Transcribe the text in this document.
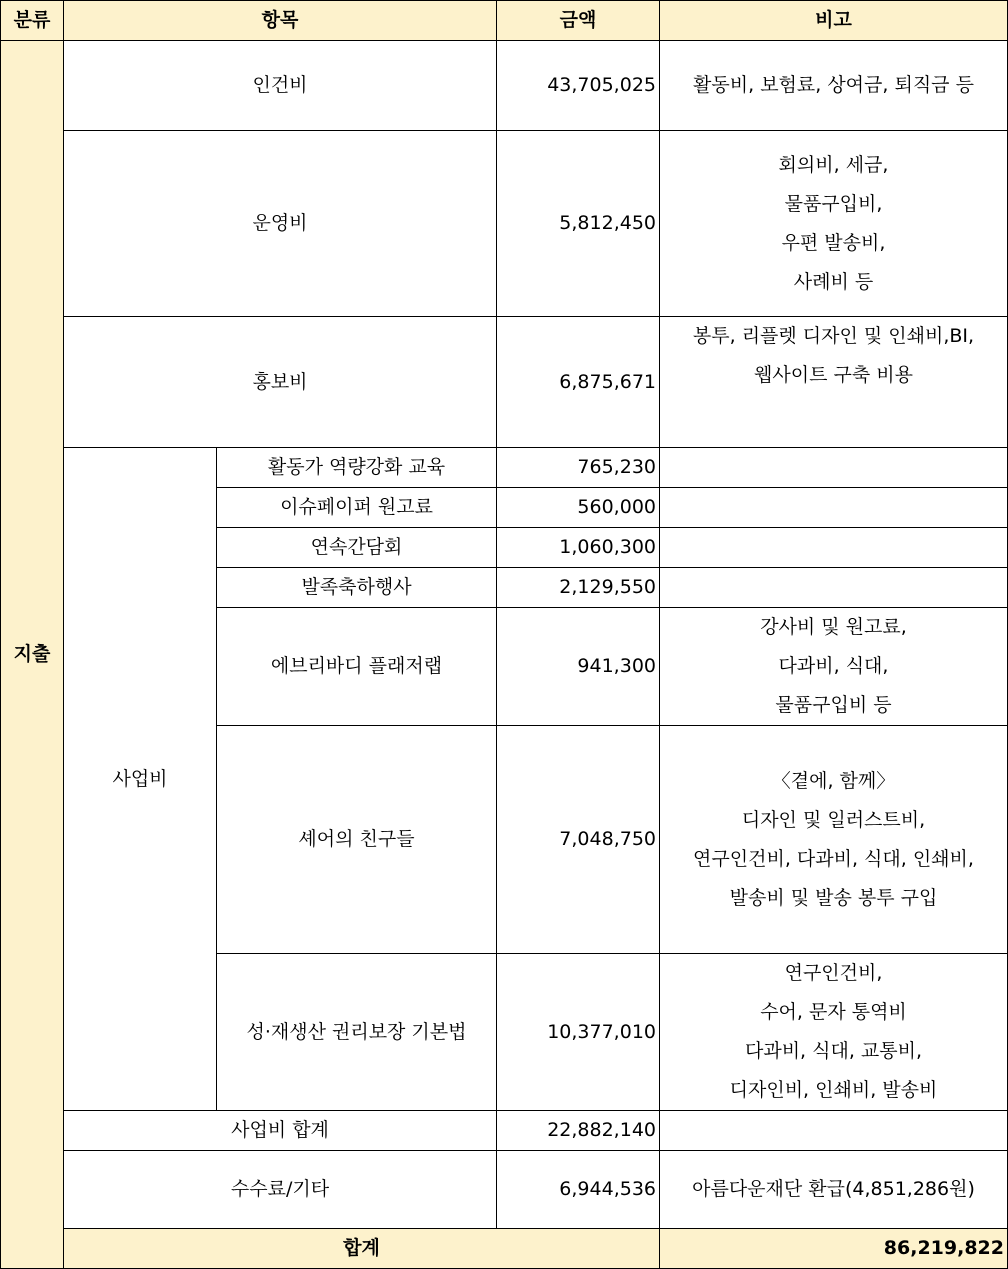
분류	항목		금액	비고	
지출	인건비		43,705,025	활동비, 보험료, 상여금, 퇴직금 등	

	운영비		5,812,450	회의비, 세금,
물품구입비,
우편 발송비,
사례비 등	

	홍보비		6,875,671	봉투, 리플렛 디자인 및 인쇄비,BI,
웹사이트 구축 비용	

	사업비	활동가 역량강화 교육	765,230		
		이슈페이퍼 원고료	560,000		
		연속간담회	1,060,300		
		발족축하행사	2,129,550		
		에브리바디 플래저랩	941,300	강사비 및 원고료,
다과비, 식대,
물품구입비 등	

		셰어의 친구들	7,048,750	〈곁에, 함께〉
디자인 및 일러스트비,
연구인건비, 다과비, 식대, 인쇄비,
발송비 및 발송 봉투 구입	

		성·재생산 권리보장 기본법	10,377,010	연구인건비,
수어, 문자 통역비
다과비, 식대, 교통비,
디자인비, 인쇄비, 발송비	

	사업비 합계		22,882,140		
	수수료/기타		6,944,536	아름다운재단 환급(4,851,286원)	
	합계			86,219,822	
